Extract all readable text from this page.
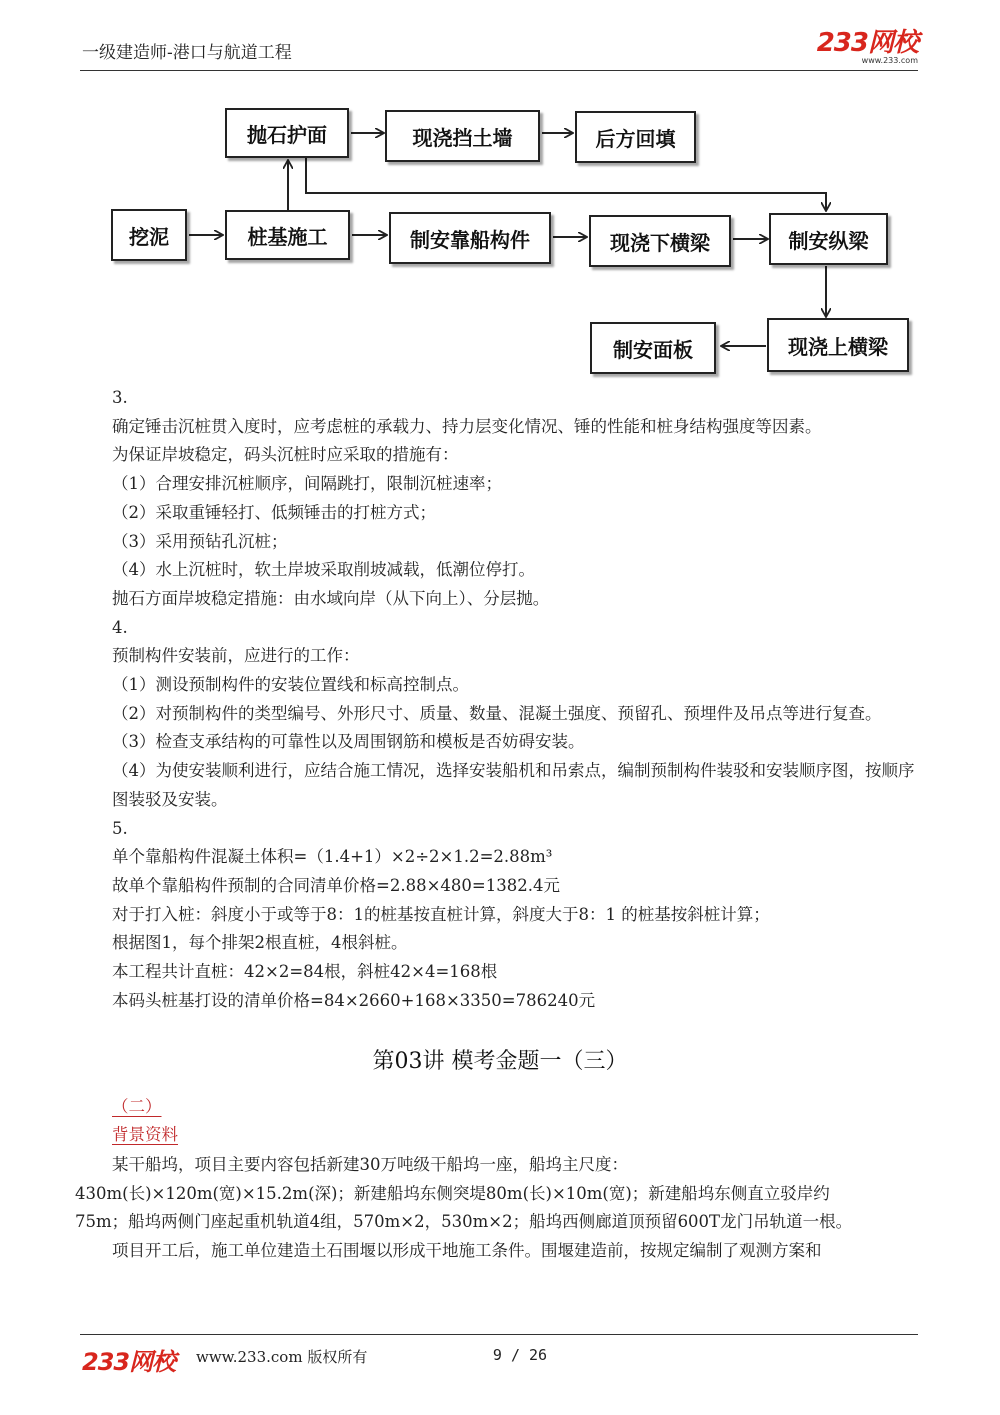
一级建造师-港口与航道工程	233网校
www.233.com
抛石护面	现浇挡土墙	后方回填
挖泥	桩基施工	制安靠船构件	现浇下横梁	制安纵梁
制安面板	现浇上横梁

3.

确定锤击沉桩贯入度时，应考虑桩的承载力、持力层变化情况、锤的性能和桩身结构强度等因素。

为保证岸坡稳定，码头沉桩时应采取的措施有：

（1）合理安排沉桩顺序，间隔跳打，限制沉桩速率；

（2）采取重锤轻打、低频锤击的打桩方式；

（3）采用预钻孔沉桩；

（4）水上沉桩时，软土岸坡采取削坡减载，低潮位停打。

抛石方面岸坡稳定措施：由水域向岸（从下向上）、分层抛。

4.

预制构件安装前，应进行的工作：

（1）测设预制构件的安装位置线和标高控制点。

（2）对预制构件的类型编号、外形尺寸、质量、数量、混凝土强度、预留孔、预埋件及吊点等进行复查。

（3）检查支承结构的可靠性以及周围钢筋和模板是否妨碍安装。

（4）为使安装顺利进行，应结合施工情况，选择安装船机和吊索点，编制预制构件装驳和安装顺序图，按顺序图装驳及安装。

5.

单个靠船构件混凝土体积=（1.4+1）×2÷2×1.2=2.88m³

故单个靠船构件预制的合同清单价格=2.88×480=1382.4元

对于打入桩：斜度小于或等于8：1的桩基按直桩计算，斜度大于8：1 的桩基按斜桩计算；

根据图1，每个排架2根直桩，4根斜桩。

本工程共计直桩：42×2=84根，斜桩42×4=168根

本码头桩基打设的清单价格=84×2660+168×3350=786240元

第03讲 模考金题一（三）

（二）

背景资料

某干船坞，项目主要内容包括新建30万吨级干船坞一座，船坞主尺度：

430m(长)×120m(宽)×15.2m(深)；新建船坞东侧突堤80m(长)×10m(宽)；新建船坞东侧直立驳岸约

75m；船坞两侧门座起重机轨道4组，570m×2，530m×2；船坞西侧廊道顶预留600T龙门吊轨道一根。

项目开工后，施工单位建造土石围堰以形成干地施工条件。围堰建造前，按规定编制了观测方案和

233网校 www.233.com 版权所有	9 / 26
